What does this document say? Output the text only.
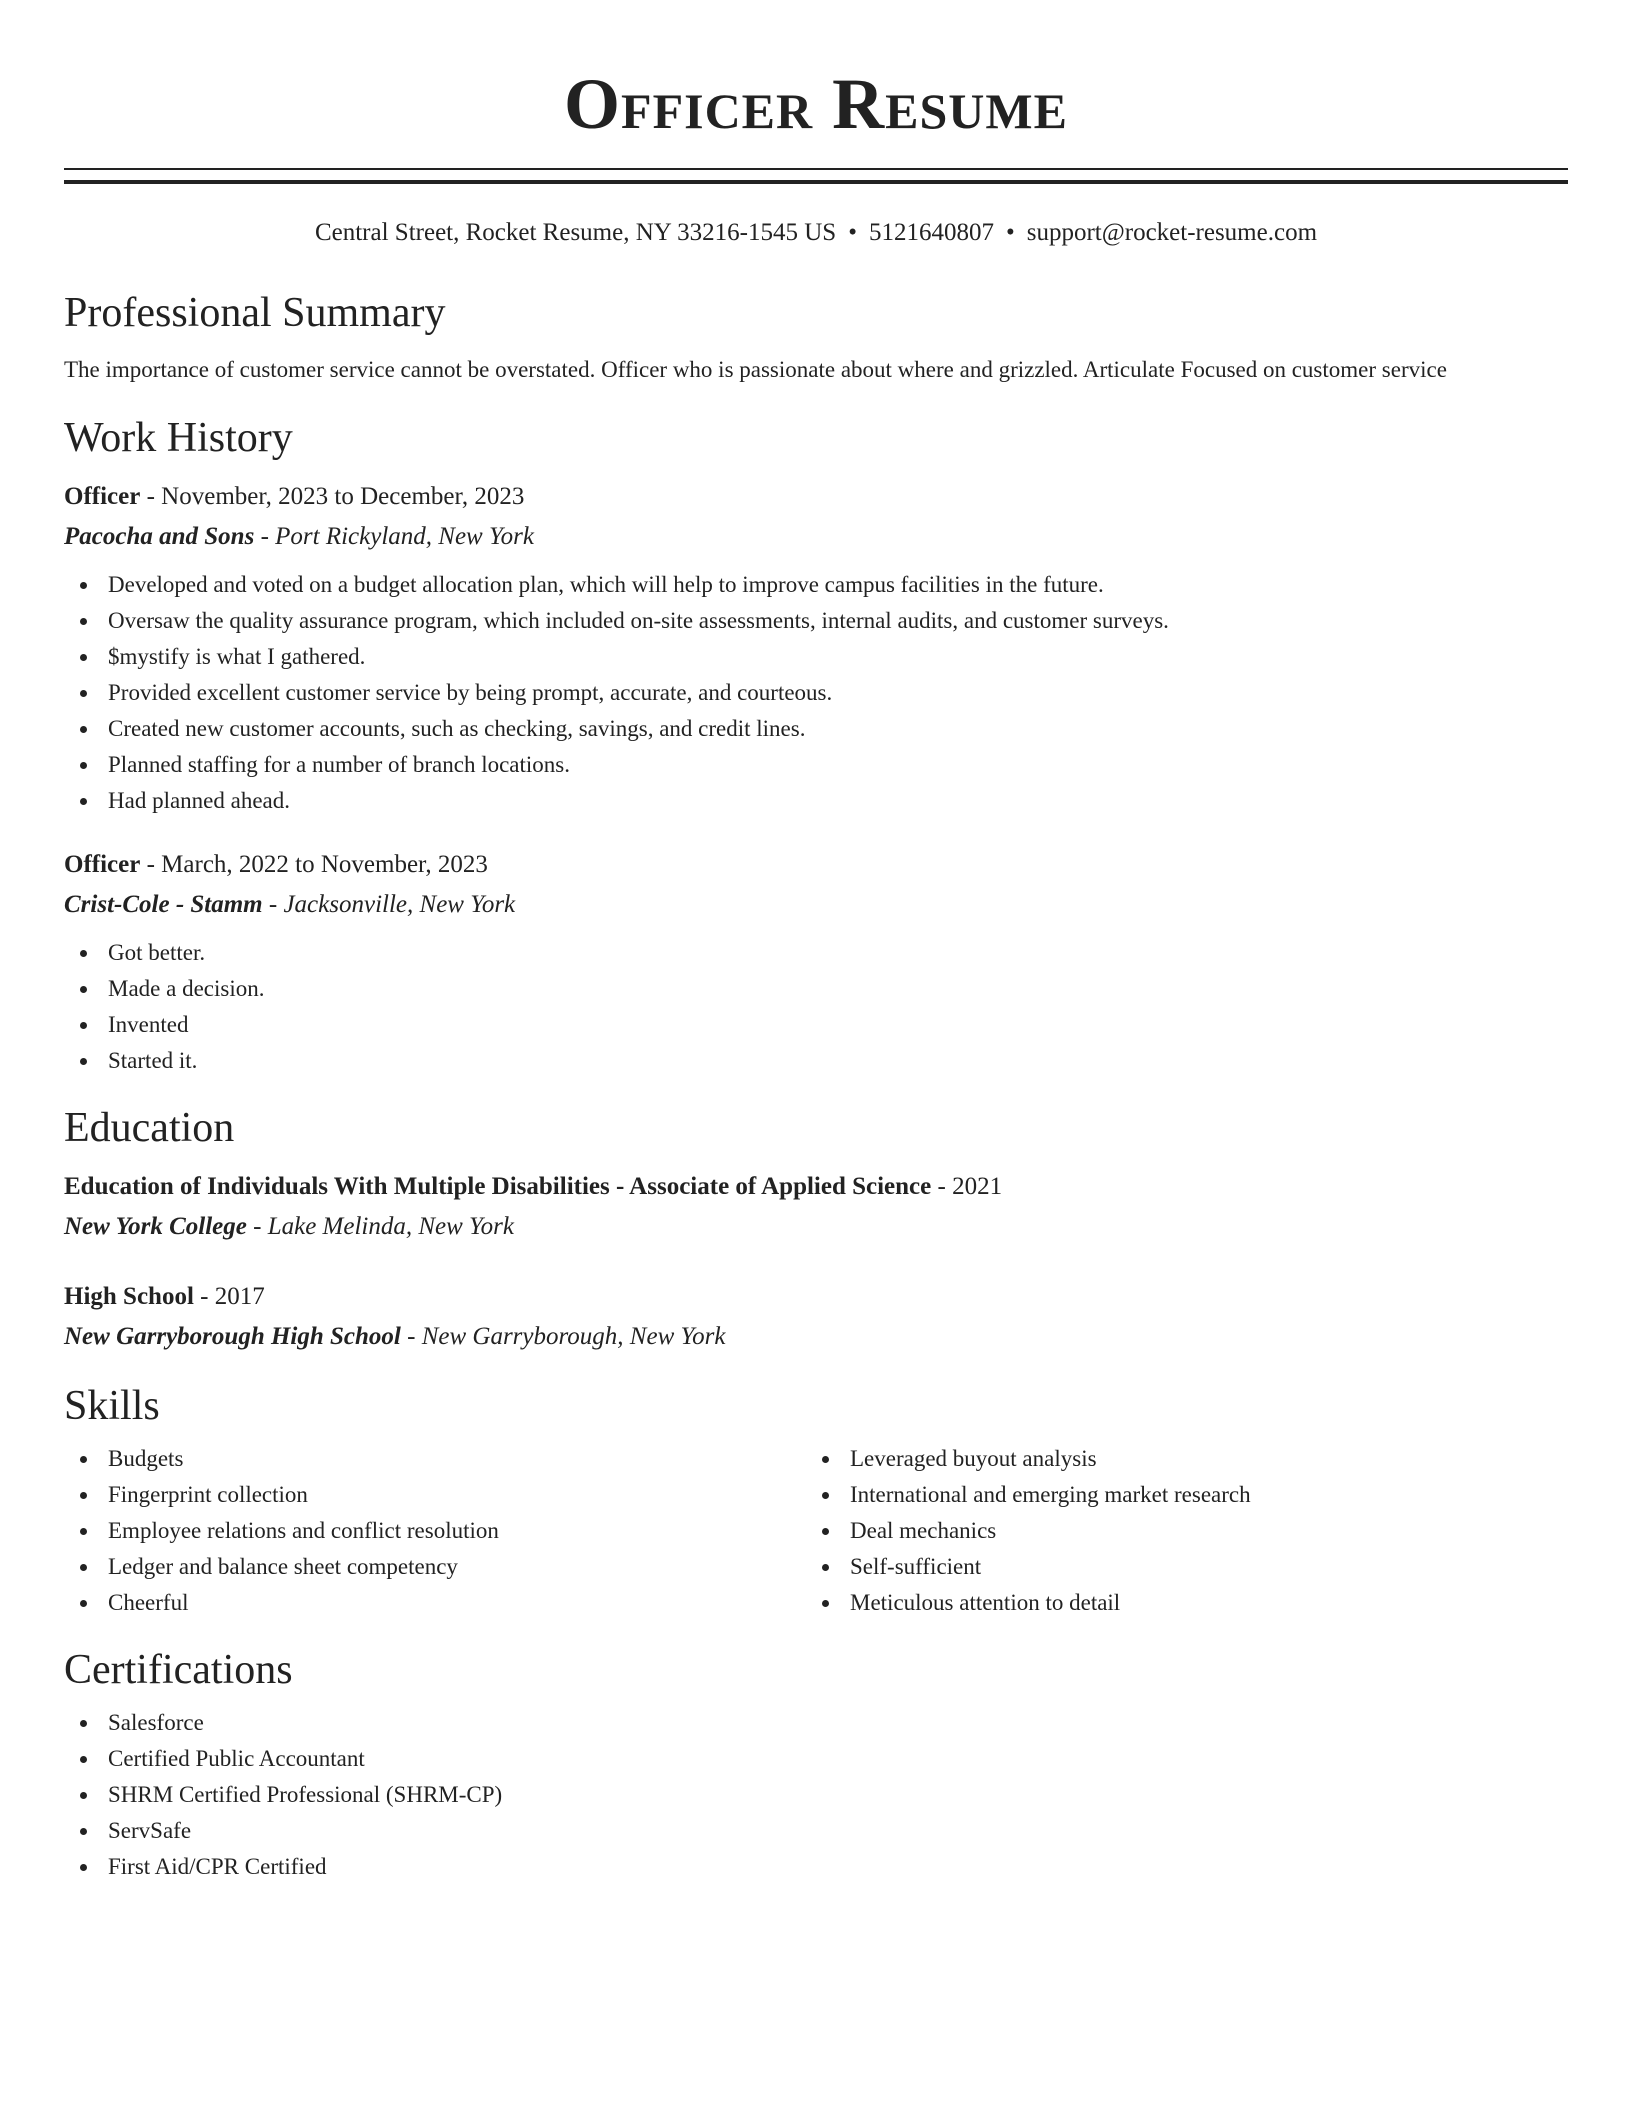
Officer Resume
Central Street, Rocket Resume, NY 33216-1545 US • 5121640807 • support@rocket-resume.com
Professional Summary
The importance of customer service cannot be overstated. Officer who is passionate about where and grizzled. Articulate Focused on customer service
Work History
Officer - November, 2023 to December, 2023
Pacocha and Sons - Port Rickyland, New York
Developed and voted on a budget allocation plan, which will help to improve campus facilities in the future.
Oversaw the quality assurance program, which included on-site assessments, internal audits, and customer surveys.
$mystify is what I gathered.
Provided excellent customer service by being prompt, accurate, and courteous.
Created new customer accounts, such as checking, savings, and credit lines.
Planned staffing for a number of branch locations.
Had planned ahead.
Officer - March, 2022 to November, 2023
Crist-Cole - Stamm - Jacksonville, New York
Got better.
Made a decision.
Invented
Started it.
Education
Education of Individuals With Multiple Disabilities - Associate of Applied Science - 2021
New York College - Lake Melinda, New York
High School - 2017
New Garryborough High School - New Garryborough, New York
Skills
Budgets
Fingerprint collection
Employee relations and conflict resolution
Ledger and balance sheet competency
Cheerful
Leveraged buyout analysis
International and emerging market research
Deal mechanics
Self-sufficient
Meticulous attention to detail
Certifications
Salesforce
Certified Public Accountant
SHRM Certified Professional (SHRM-CP)
ServSafe
First Aid/CPR Certified
